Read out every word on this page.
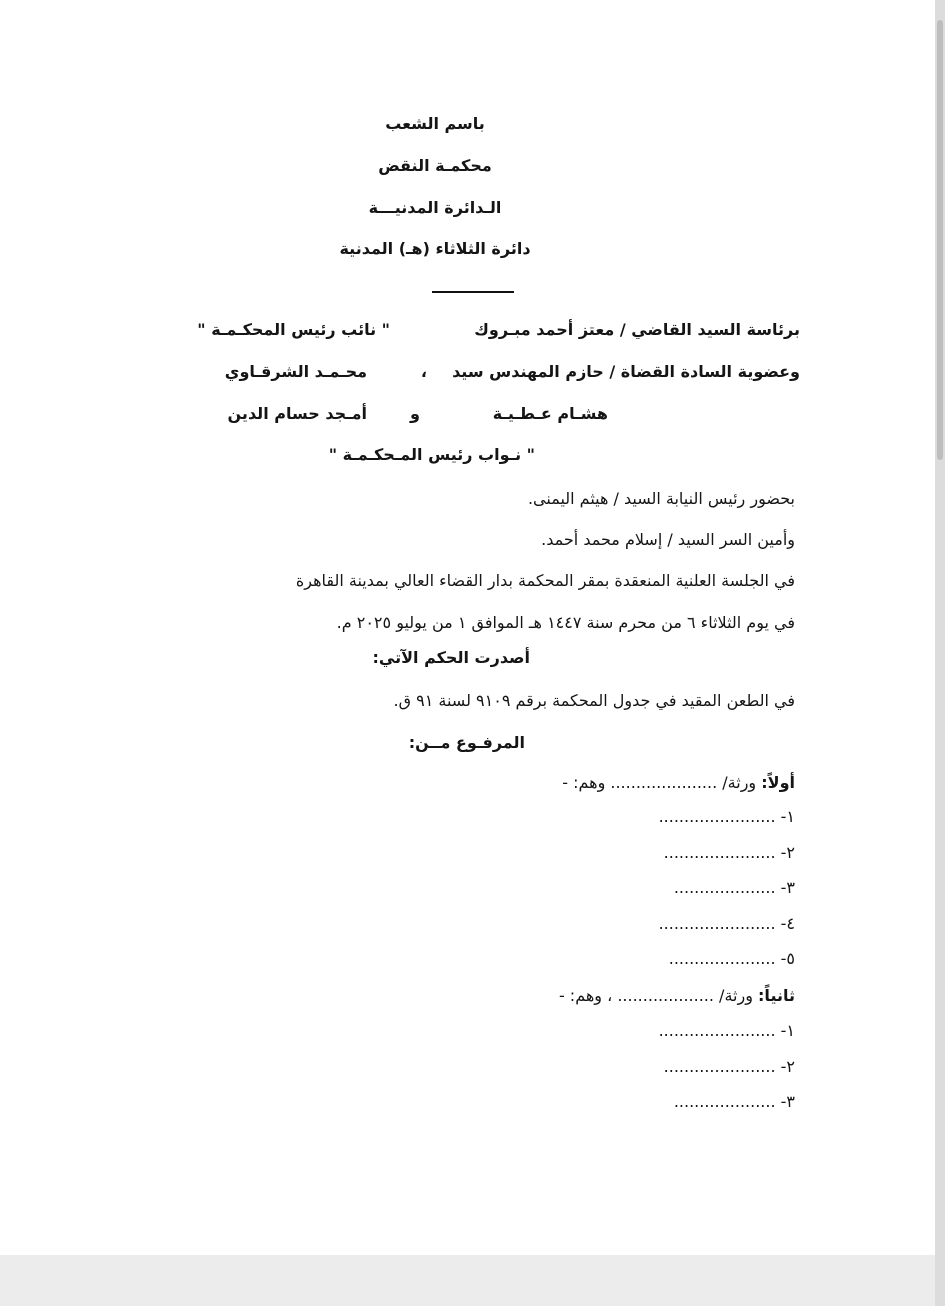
باسم الشعب
محكمـة النقض
الـدائرة المدنيـــة
دائرة الثلاثاء (هـ) المدنية
برئاسة السيد القاضي / معتز أحمد مبـروك
" نائب رئيس المحكـمـة "
وعضوية السادة القضاة / حازم المهندس سيد
،
محـمـد الشرقـاوي
هشـام عـطـيـة
و
أمـجد حسام الدين
" نـواب رئيس المـحكـمـة "
بحضور رئيس النيابة السيد / هيثم اليمنى.
وأمين السر السيد / إسلام محمد أحمد.
في الجلسة العلنية المنعقدة بمقر المحكمة بدار القضاء العالي بمدينة القاهرة
في يوم الثلاثاء ٦ من محرم سنة ١٤٤٧ هـ الموافق ١ من يوليو ٢٠٢٥ م.
أصدرت الحكم الآتي:
في الطعن المقيد في جدول المحكمة برقم ٩١٠٩ لسنة ٩١ ق.
المرفـوع مــن:
أولاً: ورثة/ ..................... وهم: -
١- .......................
٢- ......................
٣- ....................
٤- .......................
٥- .....................
ثانياً: ورثة/ ................... ، وهم: -
١- .......................
٢- ......................
٣- ....................
